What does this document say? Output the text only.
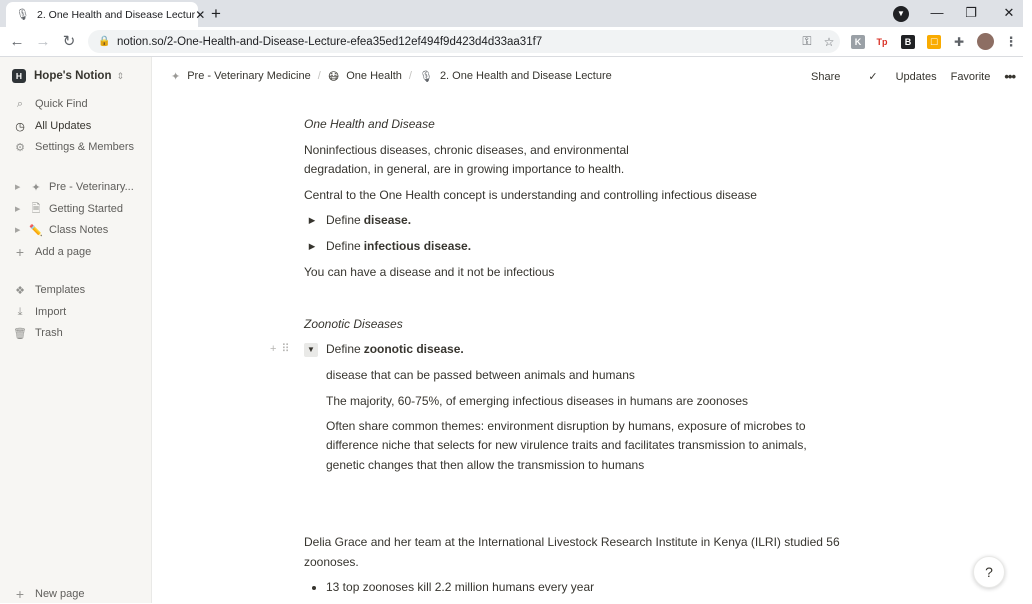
🎙 2. One Health and Disease Lectur ✕ +	▼	—	❐	✕
← → ↻	🔒 notion.so/2-One-Health-and-Disease-Lecture-efea35ed12ef494f9d423d4d33aa31f7	⚿	☆	K	Tp	B	☐ ✚	⋮
H	Hope's Notion ⇕
⌕	Quick Find
◷ All Updates
⚙ Settings & Members
▶	✦ Pre - Veterinary...
▶	🗎 Getting Started
▶ ✏️ Class Notes
+ Add a page
❖ Templates
⤓	Import
🗑 Trash
+ New page
✦ Pre - Veterinary Medicine / 😷 One Health / 🎙 2. One Health and Disease Lecture	Share	✓ Updates Favorite •••
One Health and Disease
Noninfectious diseases, chronic diseases, and environmental
degradation, in general, are in growing importance to health.
Central to the One Health concept is understanding and controlling infectious disease
▶ Define disease.
▶ Define infectious disease.
You can have a disease and it not be infectious
Zoonotic Diseases
+ ⠿	▼ Define zoonotic disease.
disease that can be passed between animals and humans
The majority, 60-75%, of emerging infectious diseases in humans are zoonoses
Often share common themes: environment disruption by humans, exposure of microbes to
difference niche that selects for new virulence traits and facilitates transmission to animals,
genetic changes that then allow the transmission to humans
Delia Grace and her team at the International Livestock Research Institute in Kenya (ILRI) studied 56
zoonoses.
13 top zoonoses kill 2.2 million humans every year
?
